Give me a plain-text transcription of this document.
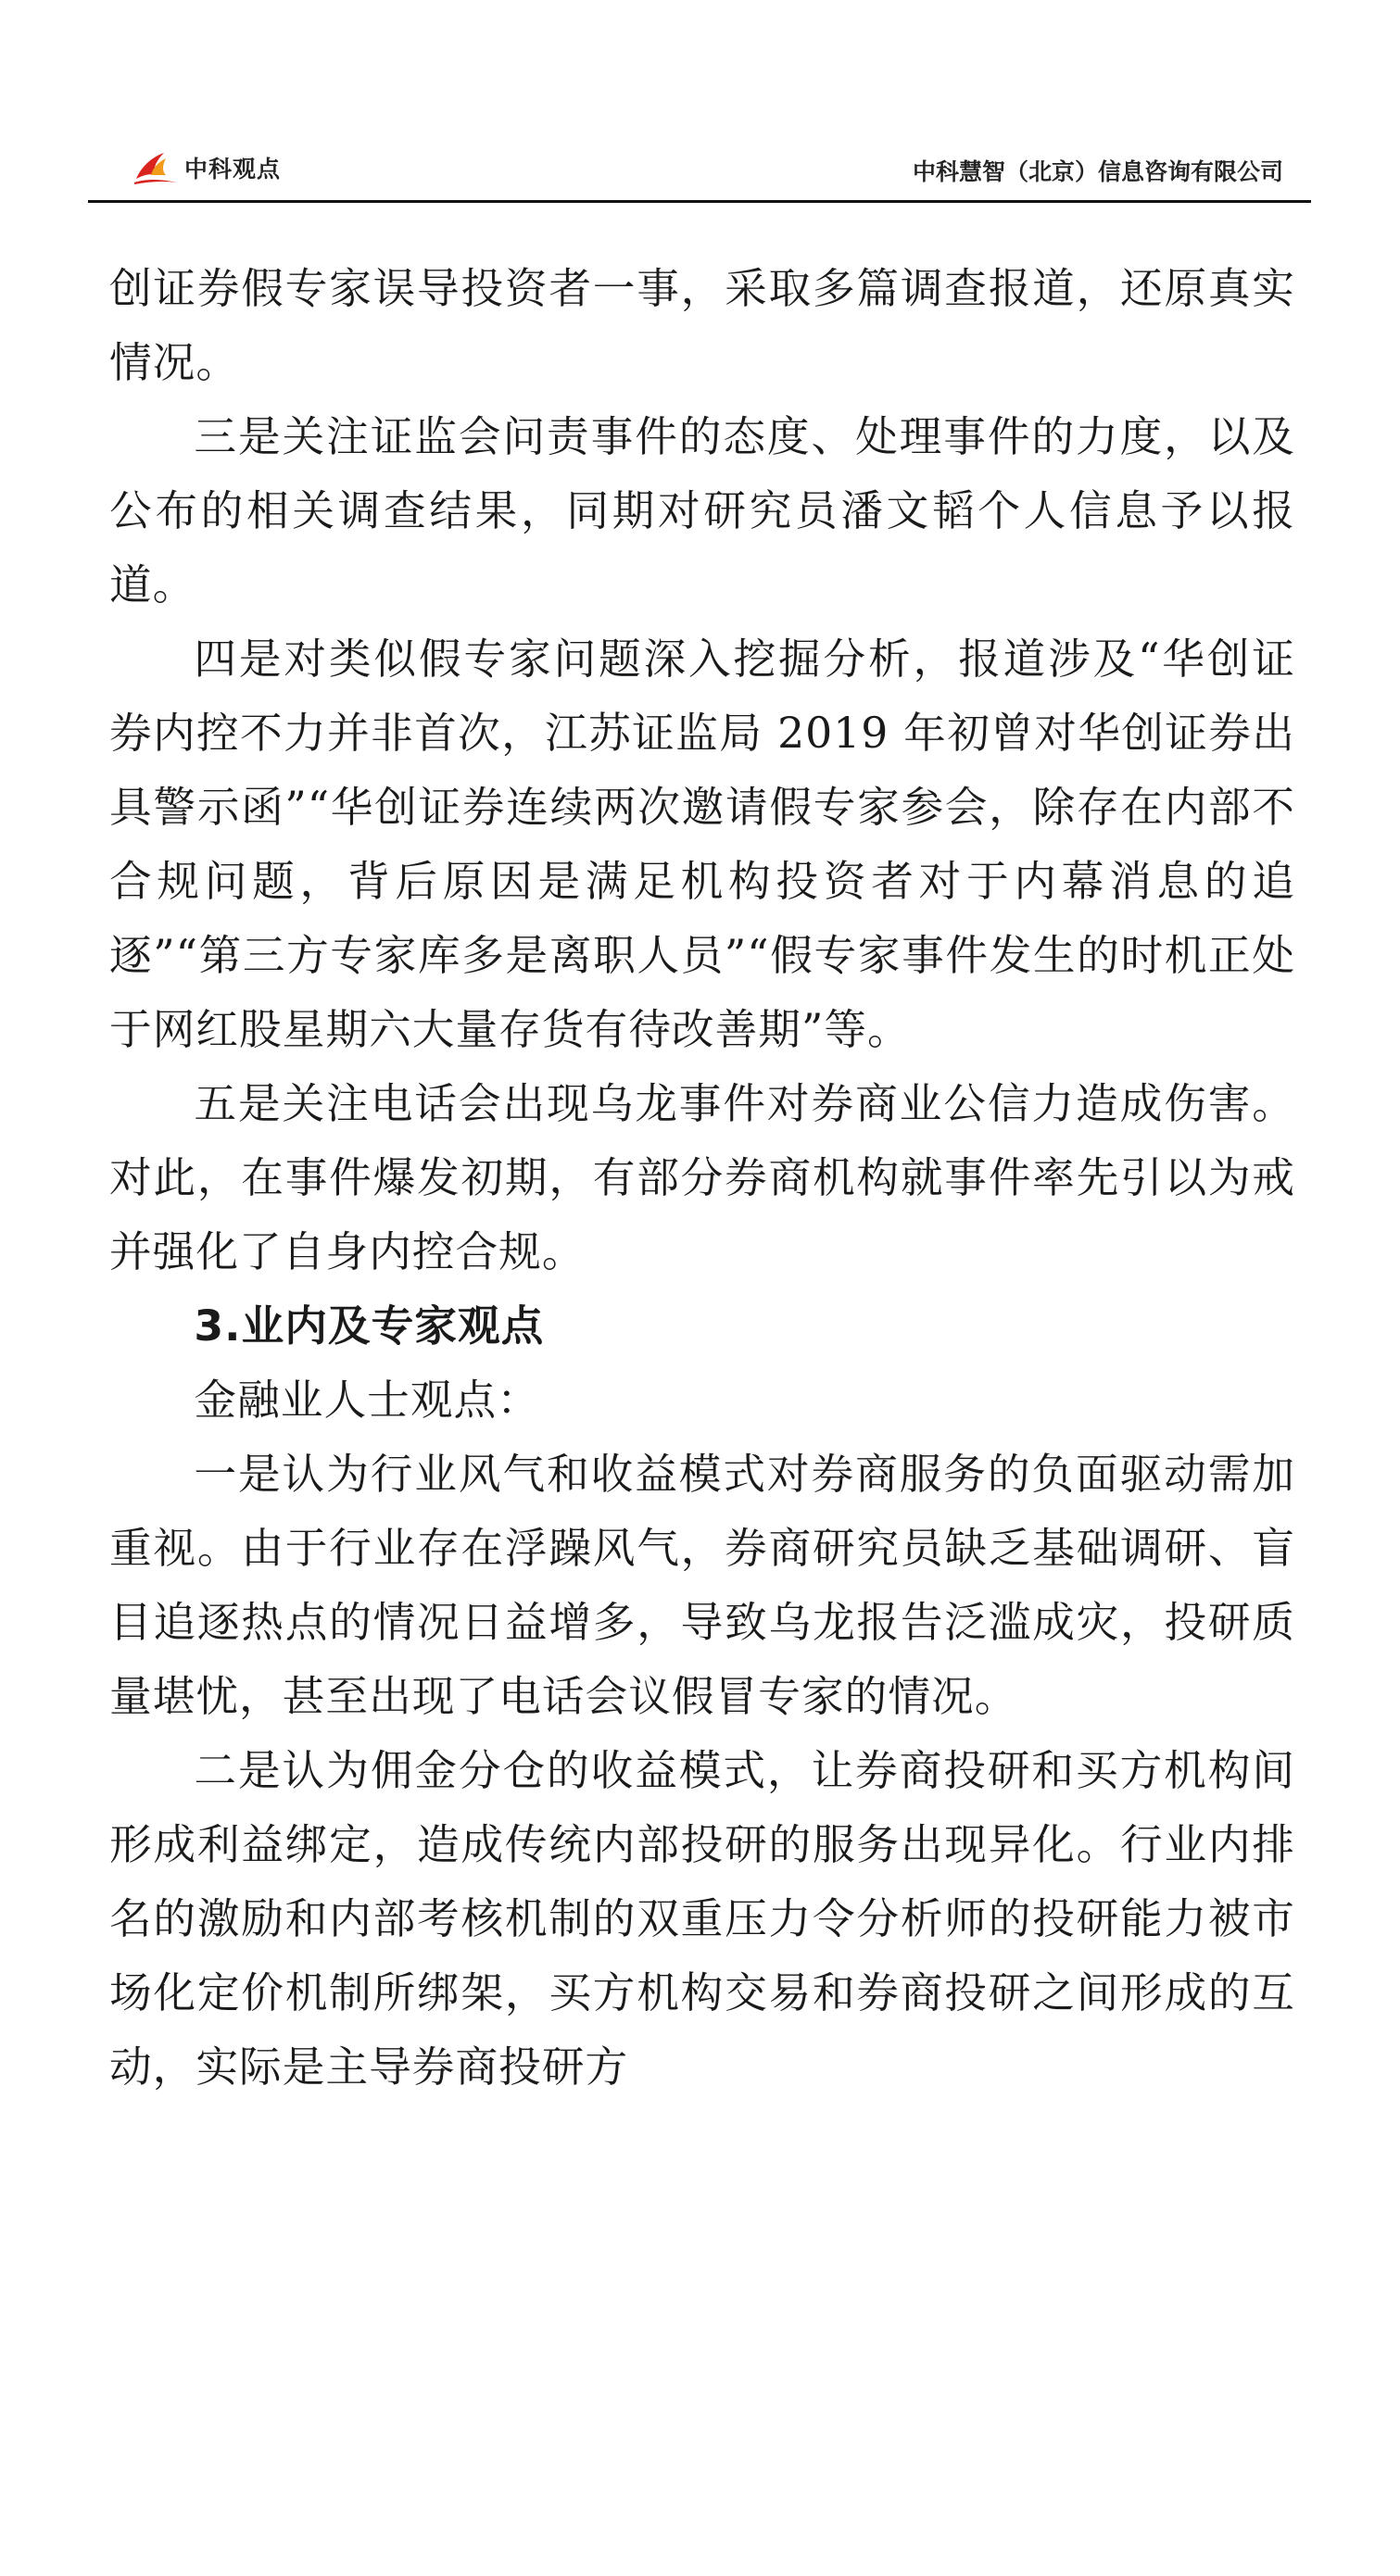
中科观点	中科慧智（北京）信息咨询有限公司

创证券假专家误导投资者一事，采取多篇调查报道，还原真实情况。

三是关注证监会问责事件的态度、处理事件的力度，以及公布的相关调查结果，同期对研究员潘文韬个人信息予以报道。

四是对类似假专家问题深入挖掘分析，报道涉及“华创证券内控不力并非首次，江苏证监局 2019 年初曾对华创证券出具警示函”“华创证券连续两次邀请假专家参会，除存在内部不合规问题，背后原因是满足机构投资者对于内幕消息的追逐”“第三方专家库多是离职人员”“假专家事件发生的时机正处于网红股星期六大量存货有待改善期”等。

五是关注电话会出现乌龙事件对券商业公信力造成伤害。对此，在事件爆发初期，有部分券商机构就事件率先引以为戒并强化了自身内控合规。

3.业内及专家观点

金融业人士观点：

一是认为行业风气和收益模式对券商服务的负面驱动需加重视。由于行业存在浮躁风气，券商研究员缺乏基础调研、盲目追逐热点的情况日益增多，导致乌龙报告泛滥成灾，投研质量堪忧，甚至出现了电话会议假冒专家的情况。

二是认为佣金分仓的收益模式，让券商投研和买方机构间形成利益绑定，造成传统内部投研的服务出现异化。行业内排名的激励和内部考核机制的双重压力令分析师的投研能力被市场化定价机制所绑架，买方机构交易和券商投研之间形成的互动，实际是主导券商投研方
